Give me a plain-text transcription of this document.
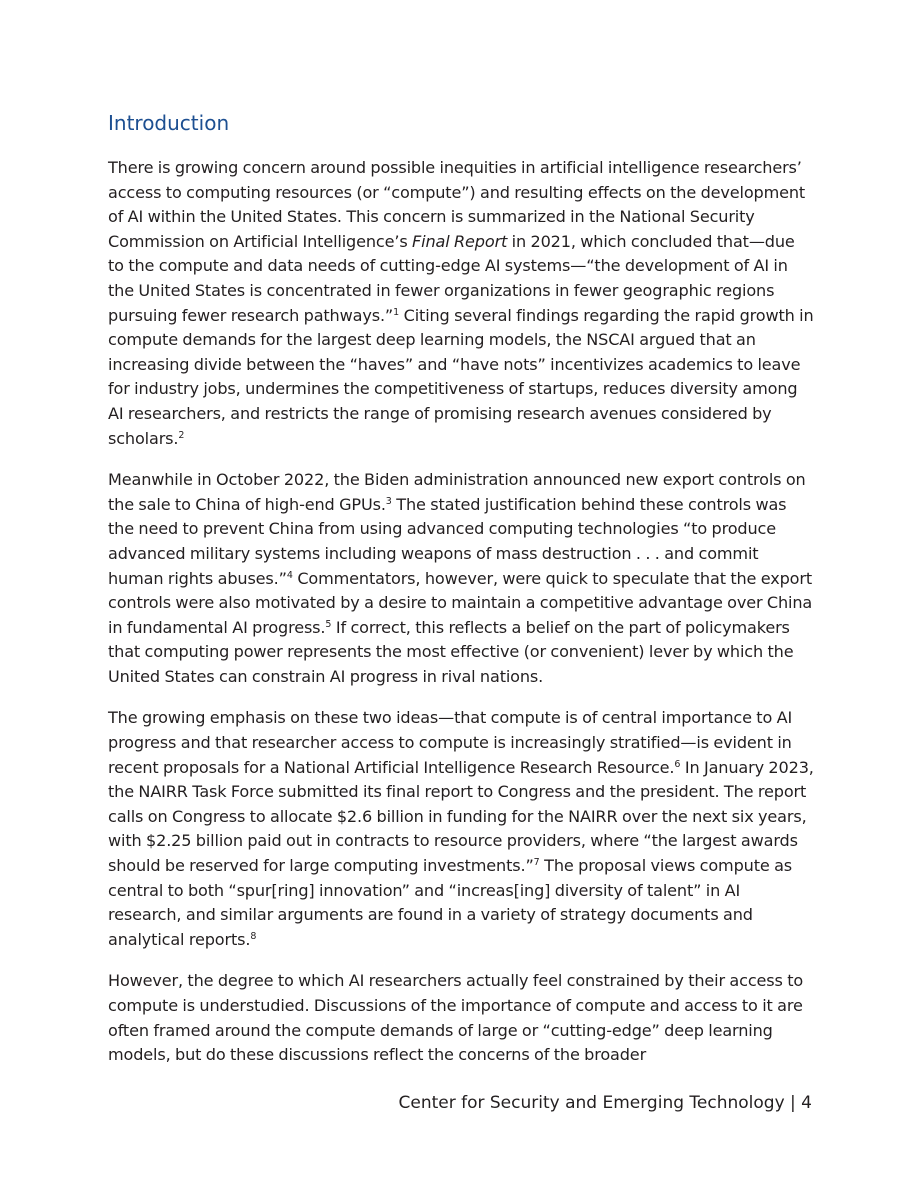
Introduction

There is growing concern around possible inequities in artificial intelligence researchers’ access to computing resources (or “compute”) and resulting effects on the development of AI within the United States. This concern is summarized in the National Security Commission on Artificial Intelligence’s Final Report in 2021, which concluded that—due to the compute and data needs of cutting-edge AI systems—“the development of AI in the United States is concentrated in fewer organizations in fewer geographic regions pursuing fewer research pathways.”$^1$ Citing several findings regarding the rapid growth in compute demands for the largest deep learning models, the NSCAI argued that an increasing divide between the “haves” and “have nots” incentivizes academics to leave for industry jobs, undermines the competitiveness of startups, reduces diversity among AI researchers, and restricts the range of promising research avenues considered by scholars.$^2$

Meanwhile in October 2022, the Biden administration announced new export controls on the sale to China of high-end GPUs.$^3$ The stated justification behind these controls was the need to prevent China from using advanced computing technologies “to produce advanced military systems including weapons of mass destruction . . . and commit human rights abuses.”$^4$ Commentators, however, were quick to speculate that the export controls were also motivated by a desire to maintain a competitive advantage over China in fundamental AI progress.$^5$ If correct, this reflects a belief on the part of policymakers that computing power represents the most effective (or convenient) lever by which the United States can constrain AI progress in rival nations.

The growing emphasis on these two ideas—that compute is of central importance to AI progress and that researcher access to compute is increasingly stratified—is evident in recent proposals for a National Artificial Intelligence Research Resource.$^6$ In January 2023, the NAIRR Task Force submitted its final report to Congress and the president. The report calls on Congress to allocate $2.6 billion in funding for the NAIRR over the next six years, with $2.25 billion paid out in contracts to resource providers, where “the largest awards should be reserved for large computing investments.”$^7$ The proposal views compute as central to both “spur[ring] innovation” and “increas[ing] diversity of talent” in AI research, and similar arguments are found in a variety of strategy documents and analytical reports.$^8$

However, the degree to which AI researchers actually feel constrained by their access to compute is understudied. Discussions of the importance of compute and access to it are often framed around the compute demands of large or “cutting-edge” deep learning models, but do these discussions reflect the concerns of the broader

Center for Security and Emerging Technology | 4
